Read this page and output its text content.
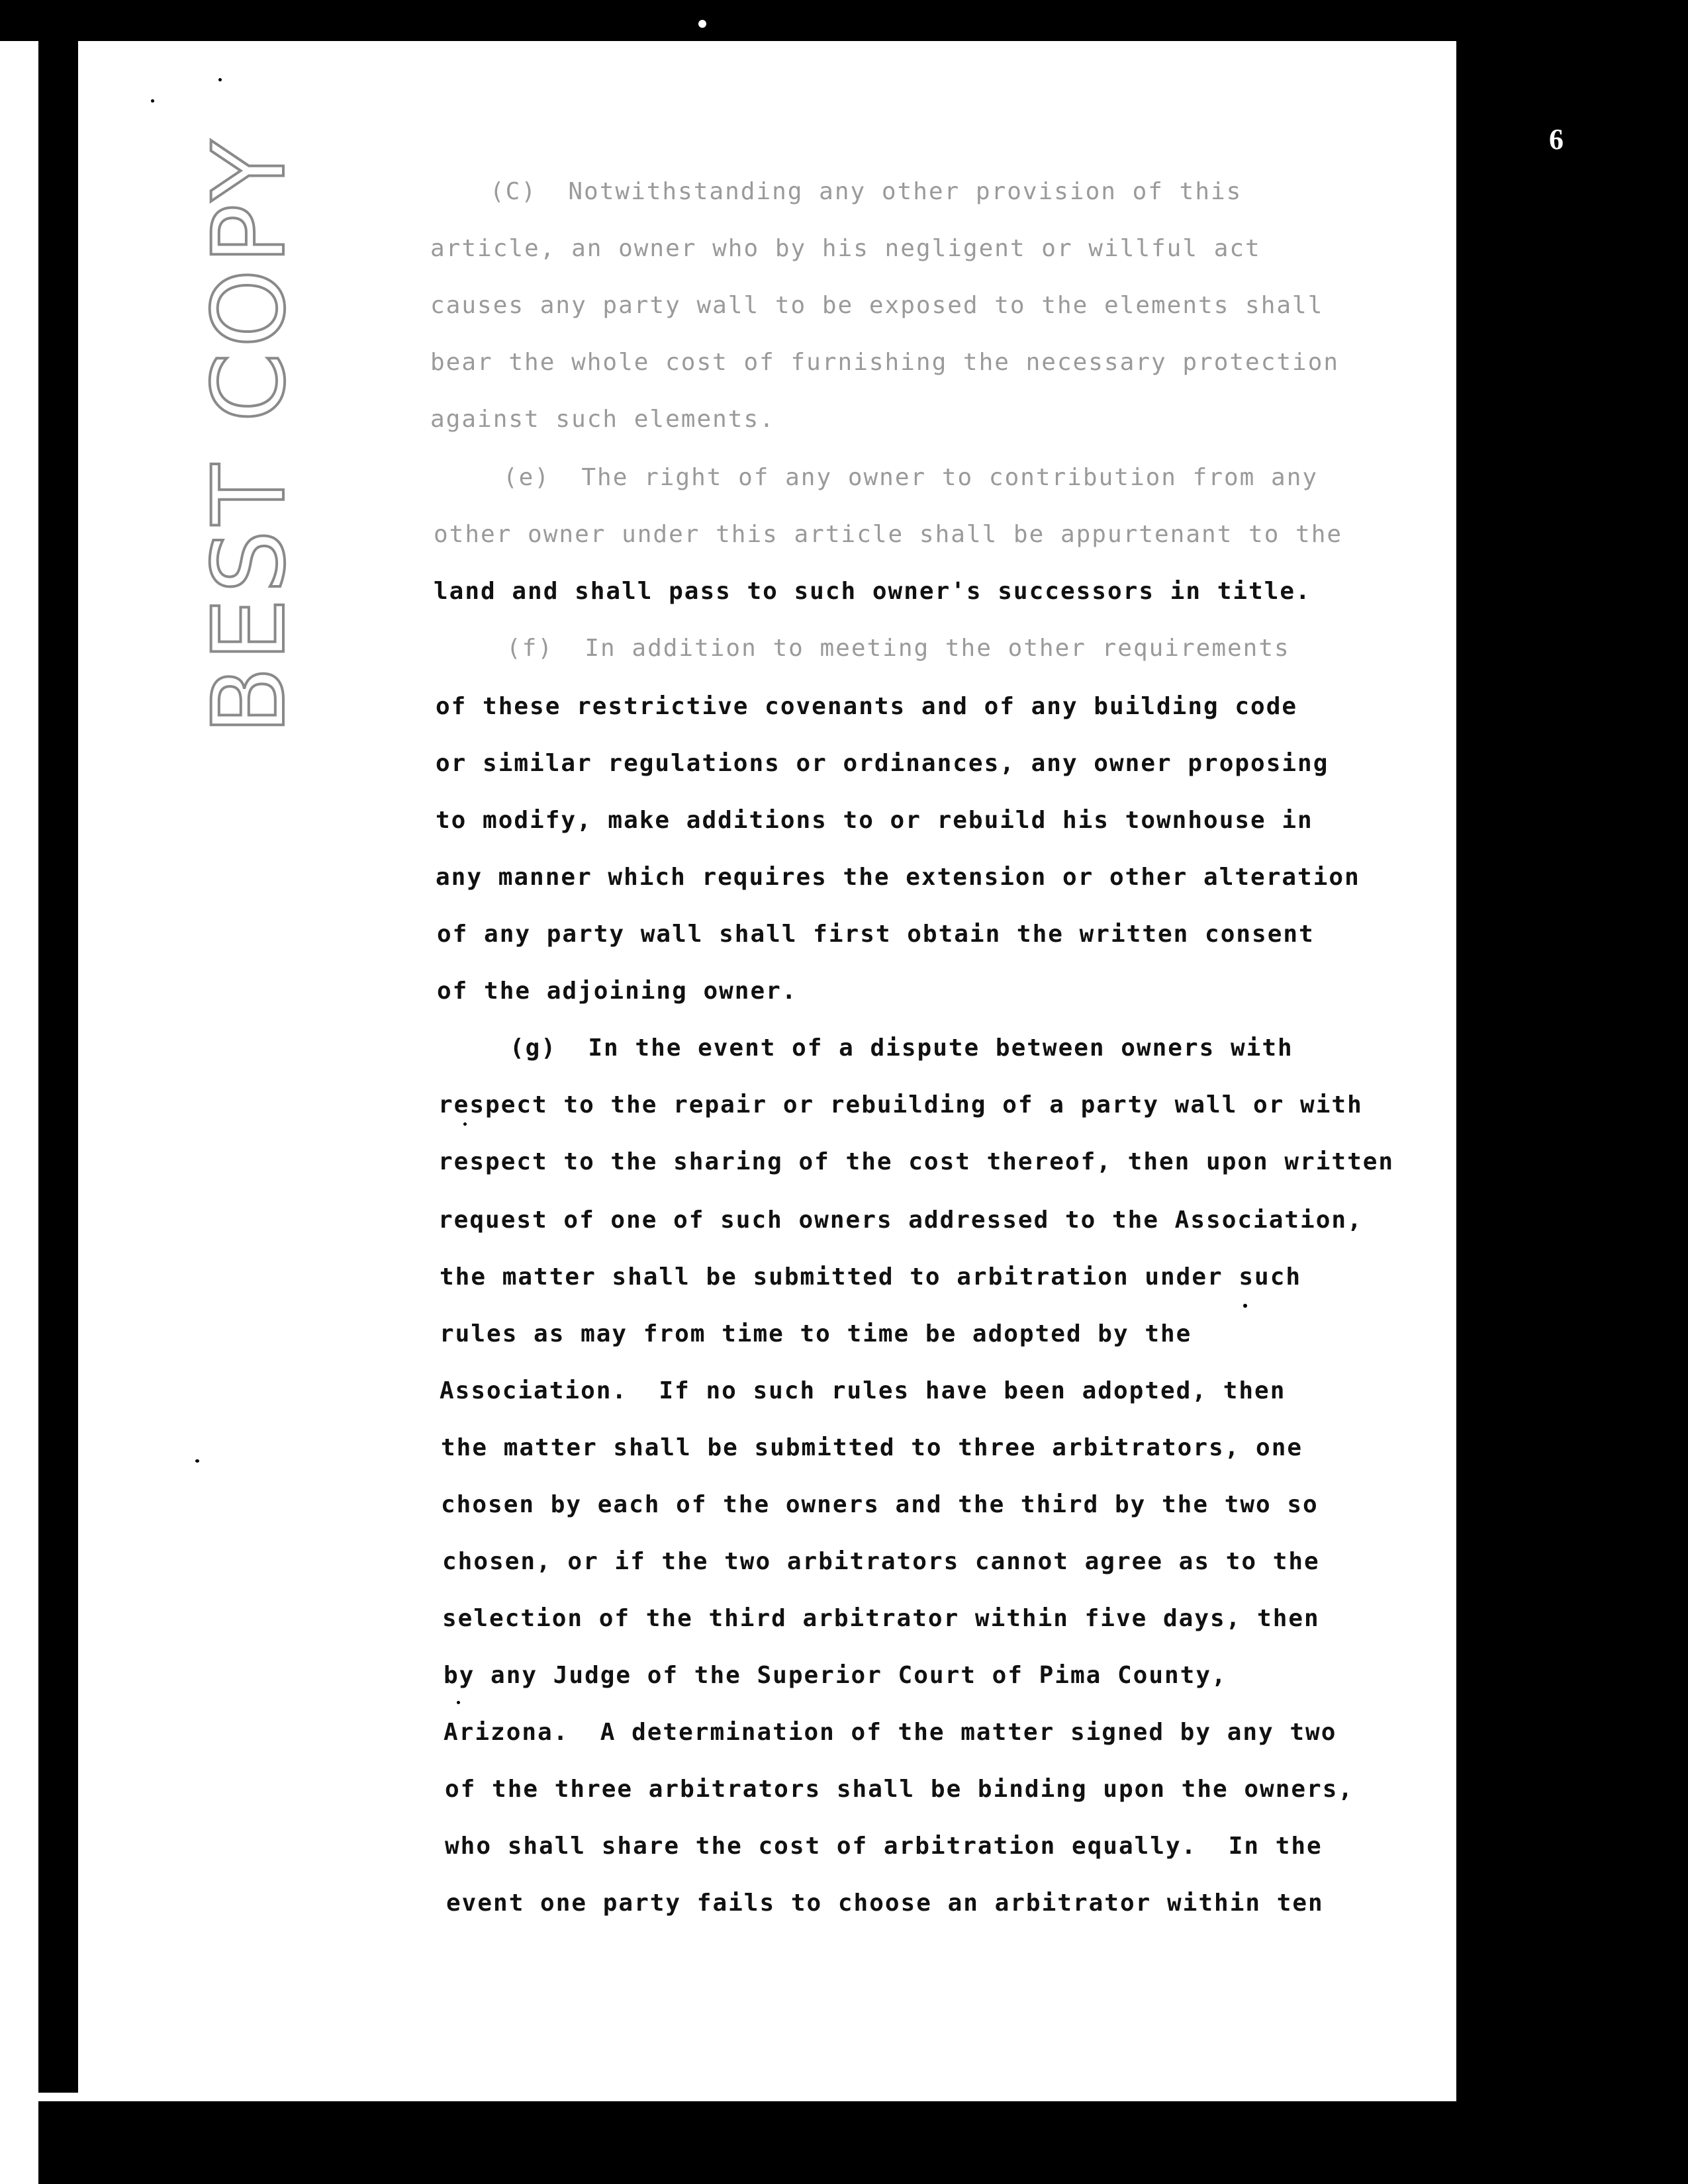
6
BEST COPY	(C)  Notwithstanding any other provision of this
article, an owner who by his negligent or willful act
causes any party wall to be exposed to the elements shall
bear the whole cost of furnishing the necessary protection
against such elements.
(e)  The right of any owner to contribution from any
other owner under this article shall be appurtenant to the
land and shall pass to such owner's successors in title.
(f)  In addition to meeting the other requirements
of these restrictive covenants and of any building code
or similar regulations or ordinances, any owner proposing
to modify, make additions to or rebuild his townhouse in
any manner which requires the extension or other alteration
of any party wall shall first obtain the written consent
of the adjoining owner.
(g)  In the event of a dispute between owners with
respect to the repair or rebuilding of a party wall or with
respect to the sharing of the cost thereof, then upon written
request of one of such owners addressed to the Association,
the matter shall be submitted to arbitration under such
rules as may from time to time be adopted by the
Association.  If no such rules have been adopted, then
the matter shall be submitted to three arbitrators, one
chosen by each of the owners and the third by the two so
chosen, or if the two arbitrators cannot agree as to the
selection of the third arbitrator within five days, then
by any Judge of the Superior Court of Pima County,
Arizona.  A determination of the matter signed by any two
of the three arbitrators shall be binding upon the owners,
who shall share the cost of arbitration equally.  In the
event one party fails to choose an arbitrator within ten
